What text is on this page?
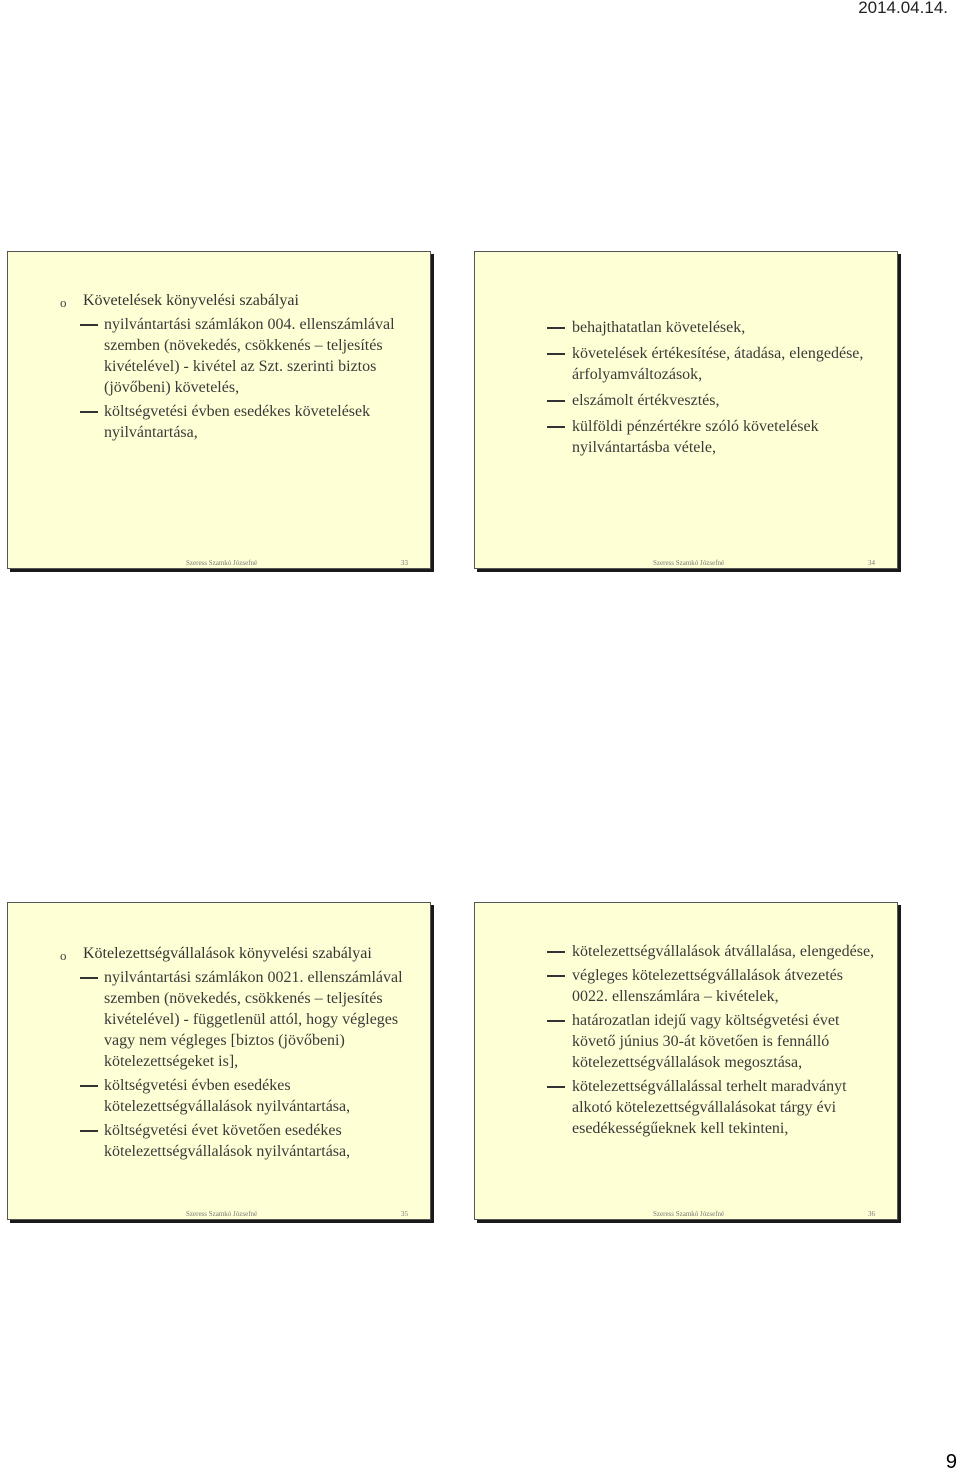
2014.04.14.
o Követelések könyvelési szabályai
nyilvántartási számlákon 004. ellenszámlával szemben (növekedés, csökkenés – teljesítés kivételével) - kivétel az Szt. szerinti biztos (jövőbeni) követelés,
költségvetési évben esedékes követelések nyilvántartása,
Szeress Szamkó Józsefné	33
behajthatatlan követelések,
követelések értékesítése, átadása, elengedése, árfolyamváltozások,
elszámolt értékvesztés,
külföldi pénzértékre szóló követelések nyilvántartásba vétele,
Szeress Szamkó Józsefné	34
o Kötelezettségvállalások könyvelési szabályai
nyilvántartási számlákon 0021. ellenszámlával szemben (növekedés, csökkenés – teljesítés kivételével) - függetlenül attól, hogy végleges vagy nem végleges [biztos (jövőbeni) kötelezettségeket is],
költségvetési évben esedékes kötelezettségvállalások nyilvántartása,
költségvetési évet követően esedékes kötelezettségvállalások nyilvántartása,
Szeress Szamkó Józsefné	35
kötelezettségvállalások átvállalása, elengedése,
végleges kötelezettségvállalások átvezetés 0022. ellenszámlára – kivételek,
határozatlan idejű vagy költségvetési évet követő június 30-át követően is fennálló kötelezettségvállalások megosztása,
kötelezettségvállalással terhelt maradványt alkotó kötelezettségvállalásokat tárgy évi esedékességűeknek kell tekinteni,
Szeress Szamkó Józsefné	36
9
